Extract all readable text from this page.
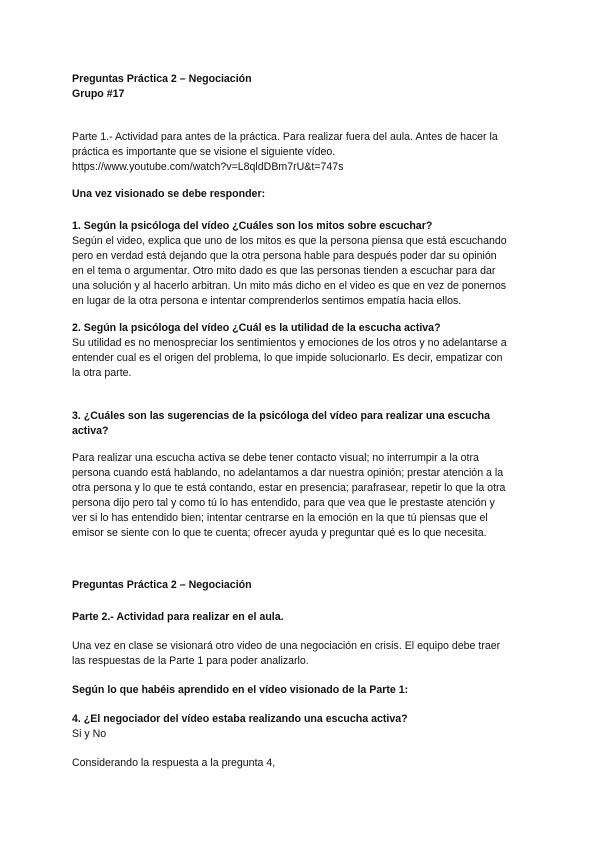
Preguntas Práctica 2 – Negociación

Grupo #17

Parte 1.- Actividad para antes de la práctica. Para realizar fuera del aula. Antes de hacer la
práctica es importante que se visione el siguiente vídeo.
https://www.youtube.com/watch?v=L8qldDBm7rU&t=747s

Una vez visionado se debe responder:

1. Según la psicóloga del vídeo ¿Cuáles son los mitos sobre escuchar?

Según el video, explica que uno de los mitos es que la persona piensa que está escuchando
pero en verdad está dejando que la otra persona hable para después poder dar su opinión
en el tema o argumentar. Otro mito dado es que las personas tienden a escuchar para dar
una solución y al hacerlo arbitran. Un mito más dicho en el video es que en vez de ponernos
en lugar de la otra persona e intentar comprenderlos sentimos empatía hacia ellos.

2. Según la psicóloga del vídeo ¿Cuál es la utilidad de la escucha activa?

Su utilidad es no menospreciar los sentimientos y emociones de los otros y no adelantarse a
entender cual es el origen del problema, lo que impide solucionarlo. Es decir, empatizar con
la otra parte.
3. ¿Cuáles son las sugerencias de la psicóloga del vídeo para realizar una escucha
activa?
Para realizar una escucha activa se debe tener contacto visual; no interrumpir a la otra
persona cuando está hablando, no adelantamos a dar nuestra opinión; prestar atención a la
otra persona y lo que te está contando, estar en presencia; parafrasear, repetir lo que la otra
persona dijo pero tal y como tú lo has entendido, para que vea que le prestaste atención y
ver si lo has entendido bien; intentar centrarse en la emoción en la que tú piensas que el
emisor se siente con lo que te cuenta; ofrecer ayuda y preguntar qué es lo que necesita.

Preguntas Práctica 2 – Negociación

Parte 2.- Actividad para realizar en el aula.

Una vez en clase se visionará otro video de una negociación en crisis. El equipo debe traer
las respuestas de la Parte 1 para poder analizarlo.

Según lo que habéis aprendido en el vídeo visionado de la Parte 1:

4. ¿El negociador del vídeo estaba realizando una escucha activa?

Si y No

Considerando la respuesta a la pregunta 4,
